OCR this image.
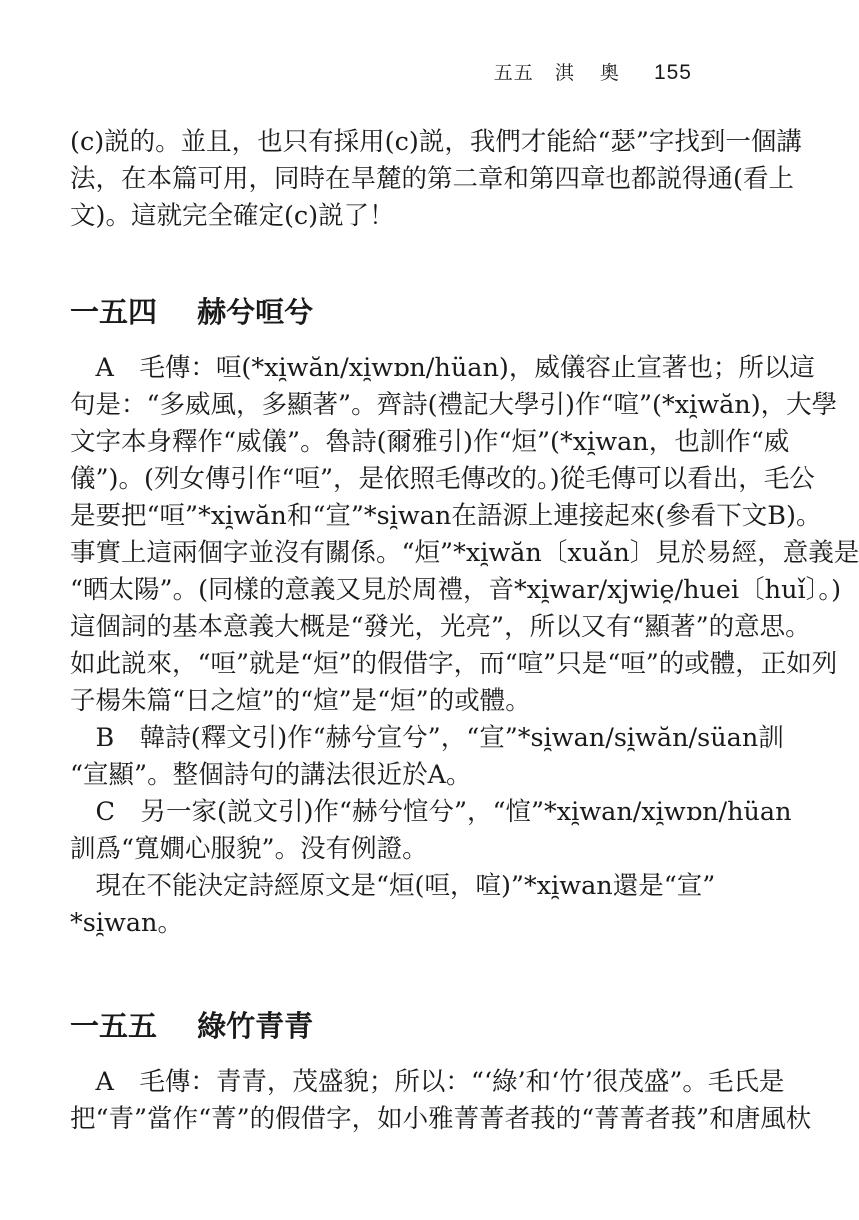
五五 淇 奧 155
(c)説的。並且，也只有採用(c)説，我們才能給“瑟”字找到一個講
法，在本篇可用，同時在旱麓的第二章和第四章也都説得通(看上
文)。這就完全確定(c)説了！
一五四 赫兮咺兮
　A　毛傳：咺(*xi̯wăn/xi̯wɒn/hüan)，威儀容止宣著也；所以這
句是：“多威風，多顯著”。齊詩(禮記大學引)作“喧”(*xi̯wăn)，大學
文字本身釋作“威儀”。魯詩(爾雅引)作“烜”(*xi̯wan，也訓作“威
儀”)。(列女傳引作“咺”，是依照毛傳改的。)從毛傳可以看出，毛公
是要把“咺”*xi̯wăn和“宣”*si̯wan在語源上連接起來(參看下文B)。
事實上這兩個字並沒有關係。“烜”*xi̯wăn〔xuǎn〕見於易經，意義是
“晒太陽”。(同樣的意義又見於周禮，音*xi̯war/xjwie̯/huei〔huǐ〕。)
這個詞的基本意義大概是“發光，光亮”，所以又有“顯著”的意思。
如此説來，“咺”就是“烜”的假借字，而“喧”只是“咺”的或體，正如列
子楊朱篇“日之煊”的“煊”是“烜”的或體。
　B　韓詩(釋文引)作“赫兮宣兮”，“宣”*si̯wan/si̯wăn/süan訓
“宣顯”。整個詩句的講法很近於A。
　C　另一家(説文引)作“赫兮愃兮”，“愃”*xi̯wan/xi̯wɒn/hüan
訓爲“寬嫺心服貌”。没有例證。
　現在不能決定詩經原文是“烜(咺，喧)”*xi̯wan還是“宣”
*si̯wan。
一五五 綠竹青青
　A　毛傳：青青，茂盛貌；所以：“‘綠’和‘竹’很茂盛”。毛氏是
把“青”當作“菁”的假借字，如小雅菁菁者莪的“菁菁者莪”和唐風杕
